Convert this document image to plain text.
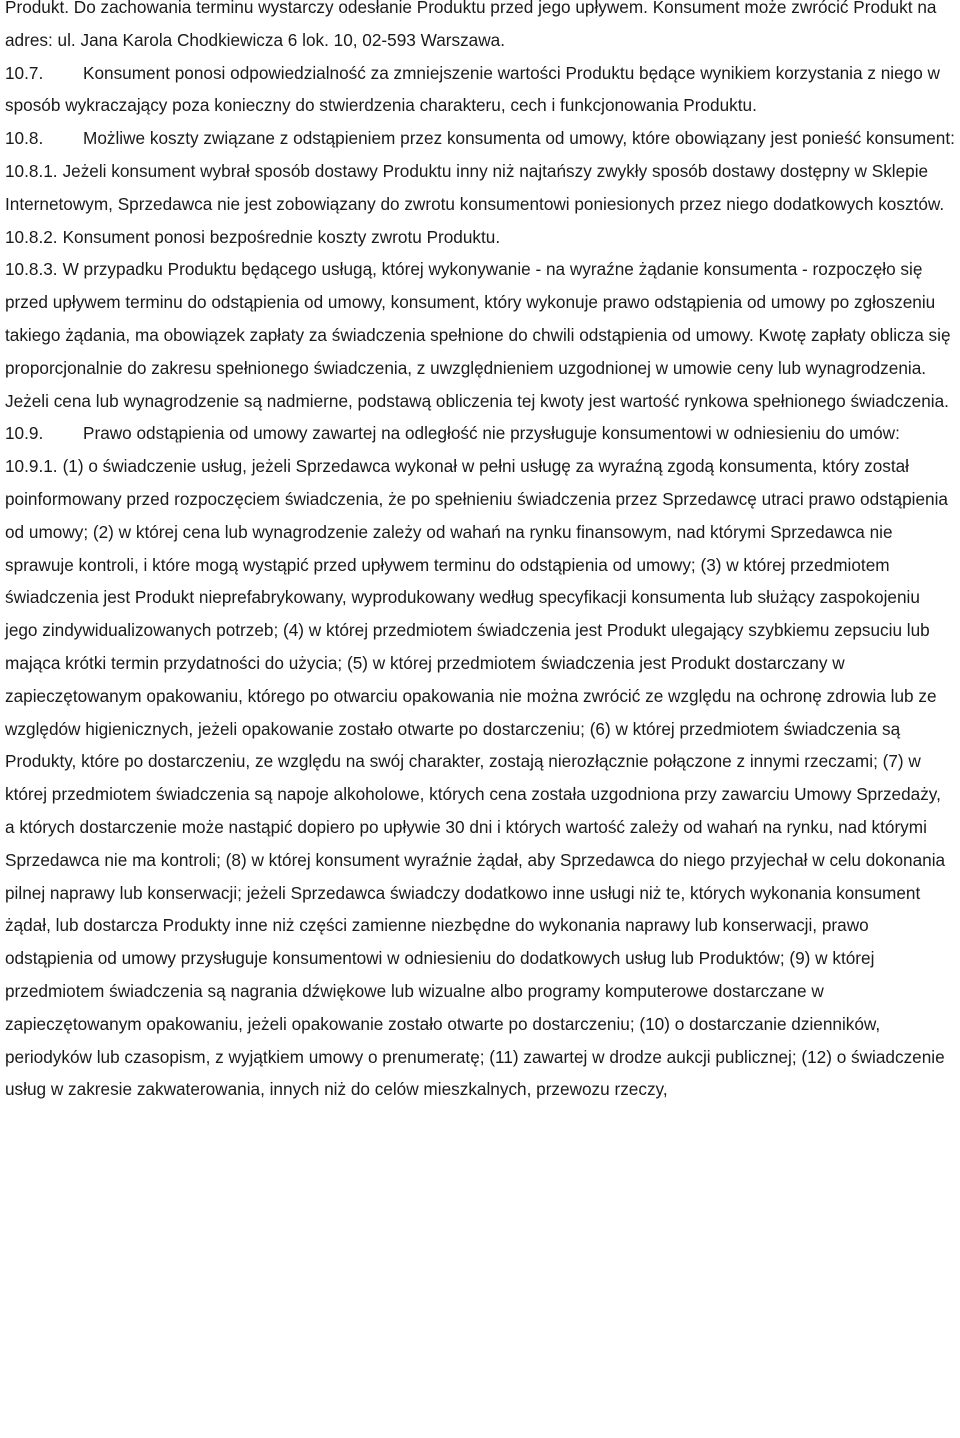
Produkt. Do zachowania terminu wystarczy odesłanie Produktu przed jego upływem. Konsument może zwrócić Produkt na adres: ul. Jana Karola Chodkiewicza 6 lok. 10, 02-593 Warszawa.

10.7. Konsument ponosi odpowiedzialność za zmniejszenie wartości Produktu będące wynikiem korzystania z niego w sposób wykraczający poza konieczny do stwierdzenia charakteru, cech i funkcjonowania Produktu.

10.8. Możliwe koszty związane z odstąpieniem przez konsumenta od umowy, które obowiązany jest ponieść konsument:

10.8.1. Jeżeli konsument wybrał sposób dostawy Produktu inny niż najtańszy zwykły sposób dostawy dostępny w Sklepie Internetowym, Sprzedawca nie jest zobowiązany do zwrotu konsumentowi poniesionych przez niego dodatkowych kosztów.

10.8.2. Konsument ponosi bezpośrednie koszty zwrotu Produktu.

10.8.3. W przypadku Produktu będącego usługą, której wykonywanie - na wyraźne żądanie konsumenta - rozpoczęło się przed upływem terminu do odstąpienia od umowy, konsument, który wykonuje prawo odstąpienia od umowy po zgłoszeniu takiego żądania, ma obowiązek zapłaty za świadczenia spełnione do chwili odstąpienia od umowy. Kwotę zapłaty oblicza się proporcjonalnie do zakresu spełnionego świadczenia, z uwzględnieniem uzgodnionej w umowie ceny lub wynagrodzenia. Jeżeli cena lub wynagrodzenie są nadmierne, podstawą obliczenia tej kwoty jest wartość rynkowa spełnionego świadczenia.

10.9. Prawo odstąpienia od umowy zawartej na odległość nie przysługuje konsumentowi w odniesieniu do umów:

10.9.1. (1) o świadczenie usług, jeżeli Sprzedawca wykonał w pełni usługę za wyraźną zgodą konsumenta, który został poinformowany przed rozpoczęciem świadczenia, że po spełnieniu świadczenia przez Sprzedawcę utraci prawo odstąpienia od umowy; (2) w której cena lub wynagrodzenie zależy od wahań na rynku finansowym, nad którymi Sprzedawca nie sprawuje kontroli, i które mogą wystąpić przed upływem terminu do odstąpienia od umowy; (3) w której przedmiotem świadczenia jest Produkt nieprefabrykowany, wyprodukowany według specyfikacji konsumenta lub służący zaspokojeniu jego zindywidualizowanych potrzeb; (4) w której przedmiotem świadczenia jest Produkt ulegający szybkiemu zepsuciu lub mająca krótki termin przydatności do użycia; (5) w której przedmiotem świadczenia jest Produkt dostarczany w zapieczętowanym opakowaniu, którego po otwarciu opakowania nie można zwrócić ze względu na ochronę zdrowia lub ze względów higienicznych, jeżeli opakowanie zostało otwarte po dostarczeniu; (6) w której przedmiotem świadczenia są Produkty, które po dostarczeniu, ze względu na swój charakter, zostają nierozłącznie połączone z innymi rzeczami; (7) w której przedmiotem świadczenia są napoje alkoholowe, których cena została uzgodniona przy zawarciu Umowy Sprzedaży, a których dostarczenie może nastąpić dopiero po upływie 30 dni i których wartość zależy od wahań na rynku, nad którymi Sprzedawca nie ma kontroli; (8) w której konsument wyraźnie żądał, aby Sprzedawca do niego przyjechał w celu dokonania pilnej naprawy lub konserwacji; jeżeli Sprzedawca świadczy dodatkowo inne usługi niż te, których wykonania konsument żądał, lub dostarcza Produkty inne niż części zamienne niezbędne do wykonania naprawy lub konserwacji, prawo odstąpienia od umowy przysługuje konsumentowi w odniesieniu do dodatkowych usług lub Produktów; (9) w której przedmiotem świadczenia są nagrania dźwiękowe lub wizualne albo programy komputerowe dostarczane w zapieczętowanym opakowaniu, jeżeli opakowanie zostało otwarte po dostarczeniu; (10) o dostarczanie dzienników, periodyków lub czasopism, z wyjątkiem umowy o prenumeratę; (11) zawartej w drodze aukcji publicznej; (12) o świadczenie usług w zakresie zakwaterowania, innych niż do celów mieszkalnych, przewozu rzeczy,
